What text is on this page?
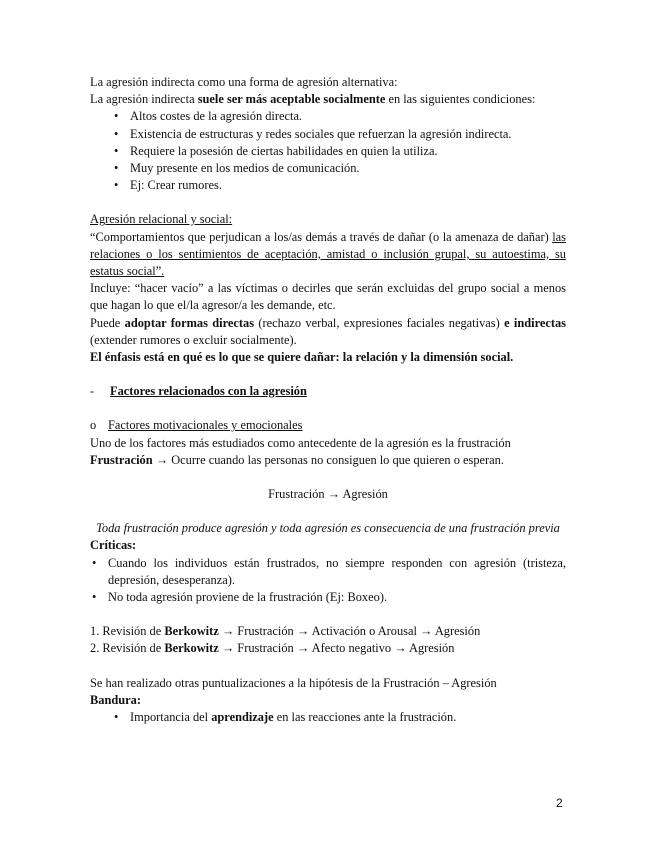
La agresión indirecta como una forma de agresión alternativa:

La agresión indirecta suele ser más aceptable socialmente en las siguientes condiciones:

• Altos costes de la agresión directa.
• Existencia de estructuras y redes sociales que refuerzan la agresión indirecta.
• Requiere la posesión de ciertas habilidades en quien la utiliza.
• Muy presente en los medios de comunicación.
• Ej: Crear rumores.

Agresión relacional y social:

“Comportamientos que perjudican a los/as demás a través de dañar (o la amenaza de dañar) las relaciones o los sentimientos de aceptación, amistad o inclusión grupal, su autoestima, su estatus social”.

Incluye: “hacer vacío” a las víctimas o decirles que serán excluidas del grupo social a menos que hagan lo que el/la agresor/a les demande, etc.

Puede adoptar formas directas (rechazo verbal, expresiones faciales negativas) e indirectas (extender rumores o excluir socialmente).

El énfasis está en qué es lo que se quiere dañar: la relación y la dimensión social.

-	Factores relacionados con la agresión
o Factores motivacionales y emocionales

Uno de los factores más estudiados como antecedente de la agresión es la frustración

Frustración → Ocurre cuando las personas no consiguen lo que quieren o esperan.

Frustración → Agresión

Toda frustración produce agresión y toda agresión es consecuencia de una frustración previa

Críticas:

• Cuando los individuos están frustrados, no siempre responden con agresión (tristeza, depresión, desesperanza).
• No toda agresión proviene de la frustración (Ej: Boxeo).

1. Revisión de Berkowitz → Frustración → Activación o Arousal → Agresión

2. Revisión de Berkowitz → Frustración → Afecto negativo → Agresión

Se han realizado otras puntualizaciones a la hipótesis de la Frustración – Agresión

Bandura:

• Importancia del aprendizaje en las reacciones ante la frustración.
2
